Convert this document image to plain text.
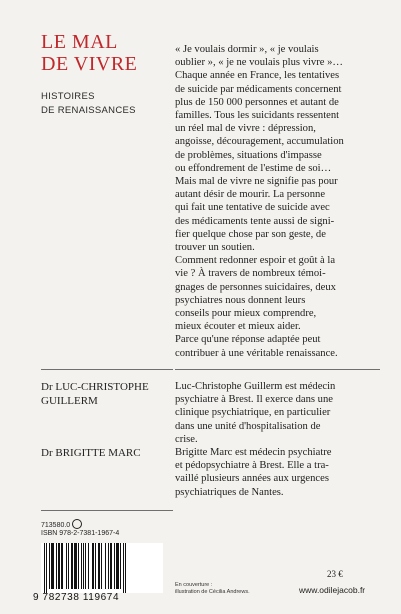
LE MAL
DE VIVRE
HISTOIRES
DE RENAISSANCES
« Je voulais dormir », « je voulais
oublier », « je ne voulais plus vivre »…
Chaque année en France, les tentatives
de suicide par médicaments concernent
plus de 150 000 personnes et autant de
familles. Tous les suicidants ressentent
un réel mal de vivre : dépression,
angoisse, découragement, accumulation
de problèmes, situations d'impasse
ou effondrement de l'estime de soi…
Mais mal de vivre ne signifie pas pour
autant désir de mourir. La personne
qui fait une tentative de suicide avec
des médicaments tente aussi de signi-
fier quelque chose par son geste, de
trouver un soutien.
Comment redonner espoir et goût à la
vie ? À travers de nombreux témoi-
gnages de personnes suicidaires, deux
psychiatres nous donnent leurs
conseils pour mieux comprendre,
mieux écouter et mieux aider.
Parce qu'une réponse adaptée peut
contribuer à une véritable renaissance.
Dr LUC-CHRISTOPHE
GUILLERM
Luc-Christophe Guillerm est médecin
psychiatre à Brest. Il exerce dans une
clinique psychiatrique, en particulier
dans une unité d'hospitalisation de
crise.
Dr BRIGITTE MARC	Brigitte Marc est médecin psychiatre
et pédopsychiatre à Brest. Elle a tra-
vaillé plusieurs années aux urgences
psychiatriques de Nantes.
713580.0
ISBN 978-2-7381-1967-4
9 782738 119674
En couverture :
illustration de Cécilia Andrews.
23 €
www.odilejacob.fr
